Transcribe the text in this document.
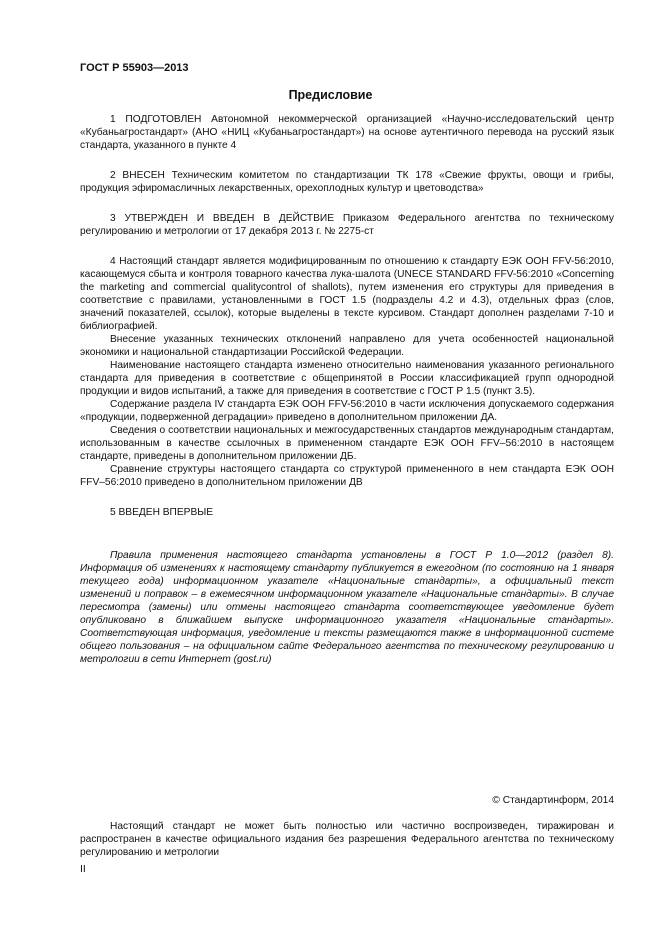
ГОСТ Р 55903—2013
Предисловие

1 ПОДГОТОВЛЕН Автономной некоммерческой организацией «Научно-исследовательский центр «Кубаньагростандарт» (АНО «НИЦ «Кубаньагростандарт») на основе аутентичного перевода на русский язык стандарта, указанного в пункте 4

2 ВНЕСЕН Техническим комитетом по стандартизации ТК 178 «Свежие фрукты, овощи и грибы, продукция эфиромасличных лекарственных, орехоплодных культур и цветоводства»

3 УТВЕРЖДЕН И ВВЕДЕН В ДЕЙСТВИЕ Приказом Федерального агентства по техническому регулированию и метрологии от 17 декабря 2013 г. № 2275-ст

4 Настоящий стандарт является модифицированным по отношению к стандарту ЕЭК ООН FFV-56:2010, касающемуся сбыта и контроля товарного качества лука-шалота (UNECE STANDARD FFV-56:2010 «Concerning the marketing and commercial qualitycontrol of shallots), путем изменения его структуры для приведения в соответствие с правилами, установленными в ГОСТ 1.5 (подразделы 4.2 и 4.3), отдельных фраз (слов, значений показателей, ссылок), которые выделены в тексте курсивом. Стандарт дополнен разделами 7-10 и библиографией.

Внесение указанных технических отклонений направлено для учета особенностей национальной экономики и национальной стандартизации Российской Федерации.

Наименование настоящего стандарта изменено относительно наименования указанного регионального стандарта для приведения в соответствие с общепринятой в России классификацией групп однородной продукции и видов испытаний, а также для приведения в соответствие с ГОСТ Р 1.5 (пункт 3.5).

Содержание раздела IV стандарта ЕЭК ООН FFV-56:2010 в части исключения допускаемого содержания «продукции, подверженной деградации» приведено в дополнительном приложении ДА.

Сведения о соответствии национальных и межгосударственных стандартов международным стандартам, использованным в качестве ссылочных в примененном стандарте ЕЭК ООН FFV–56:2010 в настоящем стандарте, приведены в дополнительном приложении ДБ.

Сравнение структуры настоящего стандарта со структурой примененного в нем стандарта ЕЭК ООН FFV–56:2010 приведено в дополнительном приложении ДВ

5 ВВЕДЕН ВПЕРВЫЕ

Правила применения настоящего стандарта установлены в ГОСТ Р 1.0—2012 (раздел 8). Информация об изменениях к настоящему стандарту публикуется в ежегодном (по состоянию на 1 января текущего года) информационном указателе «Национальные стандарты», а официальный текст изменений и поправок – в ежемесячном информационном указателе «Национальные стандарты». В случае пересмотра (замены) или отмены настоящего стандарта соответствующее уведомление будет опубликовано в ближайшем выпуске информационного указателя «Национальные стандарты». Соответствующая информация, уведомление и тексты размещаются также в информационной системе общего пользования – на официальном сайте Федерального агентства по техническому регулированию и метрологии в сети Интернет (gost.ru)

© Стандартинформ, 2014

Настоящий стандарт не может быть полностью или частично воспроизведен, тиражирован и распространен в качестве официального издания без разрешения Федерального агентства по техническому регулированию и метрологии

II
